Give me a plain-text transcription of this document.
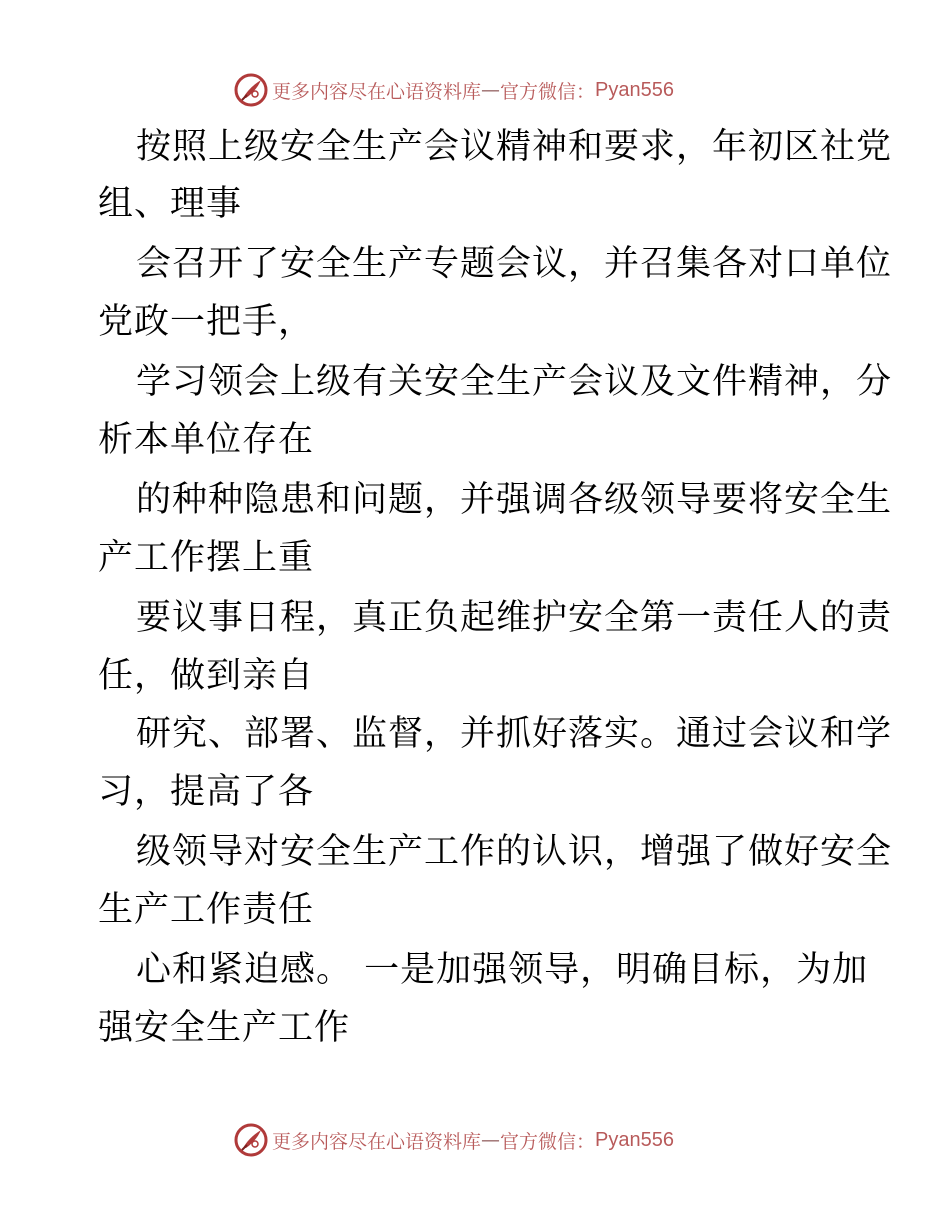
更多内容尽在心语资料库 — 官方微信： Pyan556
按照上级安全生产会议精神和要求，年初区社党
组、理事
会召开了安全生产专题会议，并召集各对口单位
党政一把手，
学习领会上级有关安全生产会议及文件精神，分
析本单位存在
的种种隐患和问题，并强调各级领导要将安全生
产工作摆上重
要议事日程，真正负起维护安全第一责任人的责
任，做到亲自
研究、部署、监督，并抓好落实。通过会议和学
习，提高了各
级领导对安全生产工作的认识，增强了做好安全
生产工作责任
心和紧迫感。 一是加强领导，明确目标，为加
强安全生产工作
更多内容尽在心语资料库 — 官方微信： Pyan556
